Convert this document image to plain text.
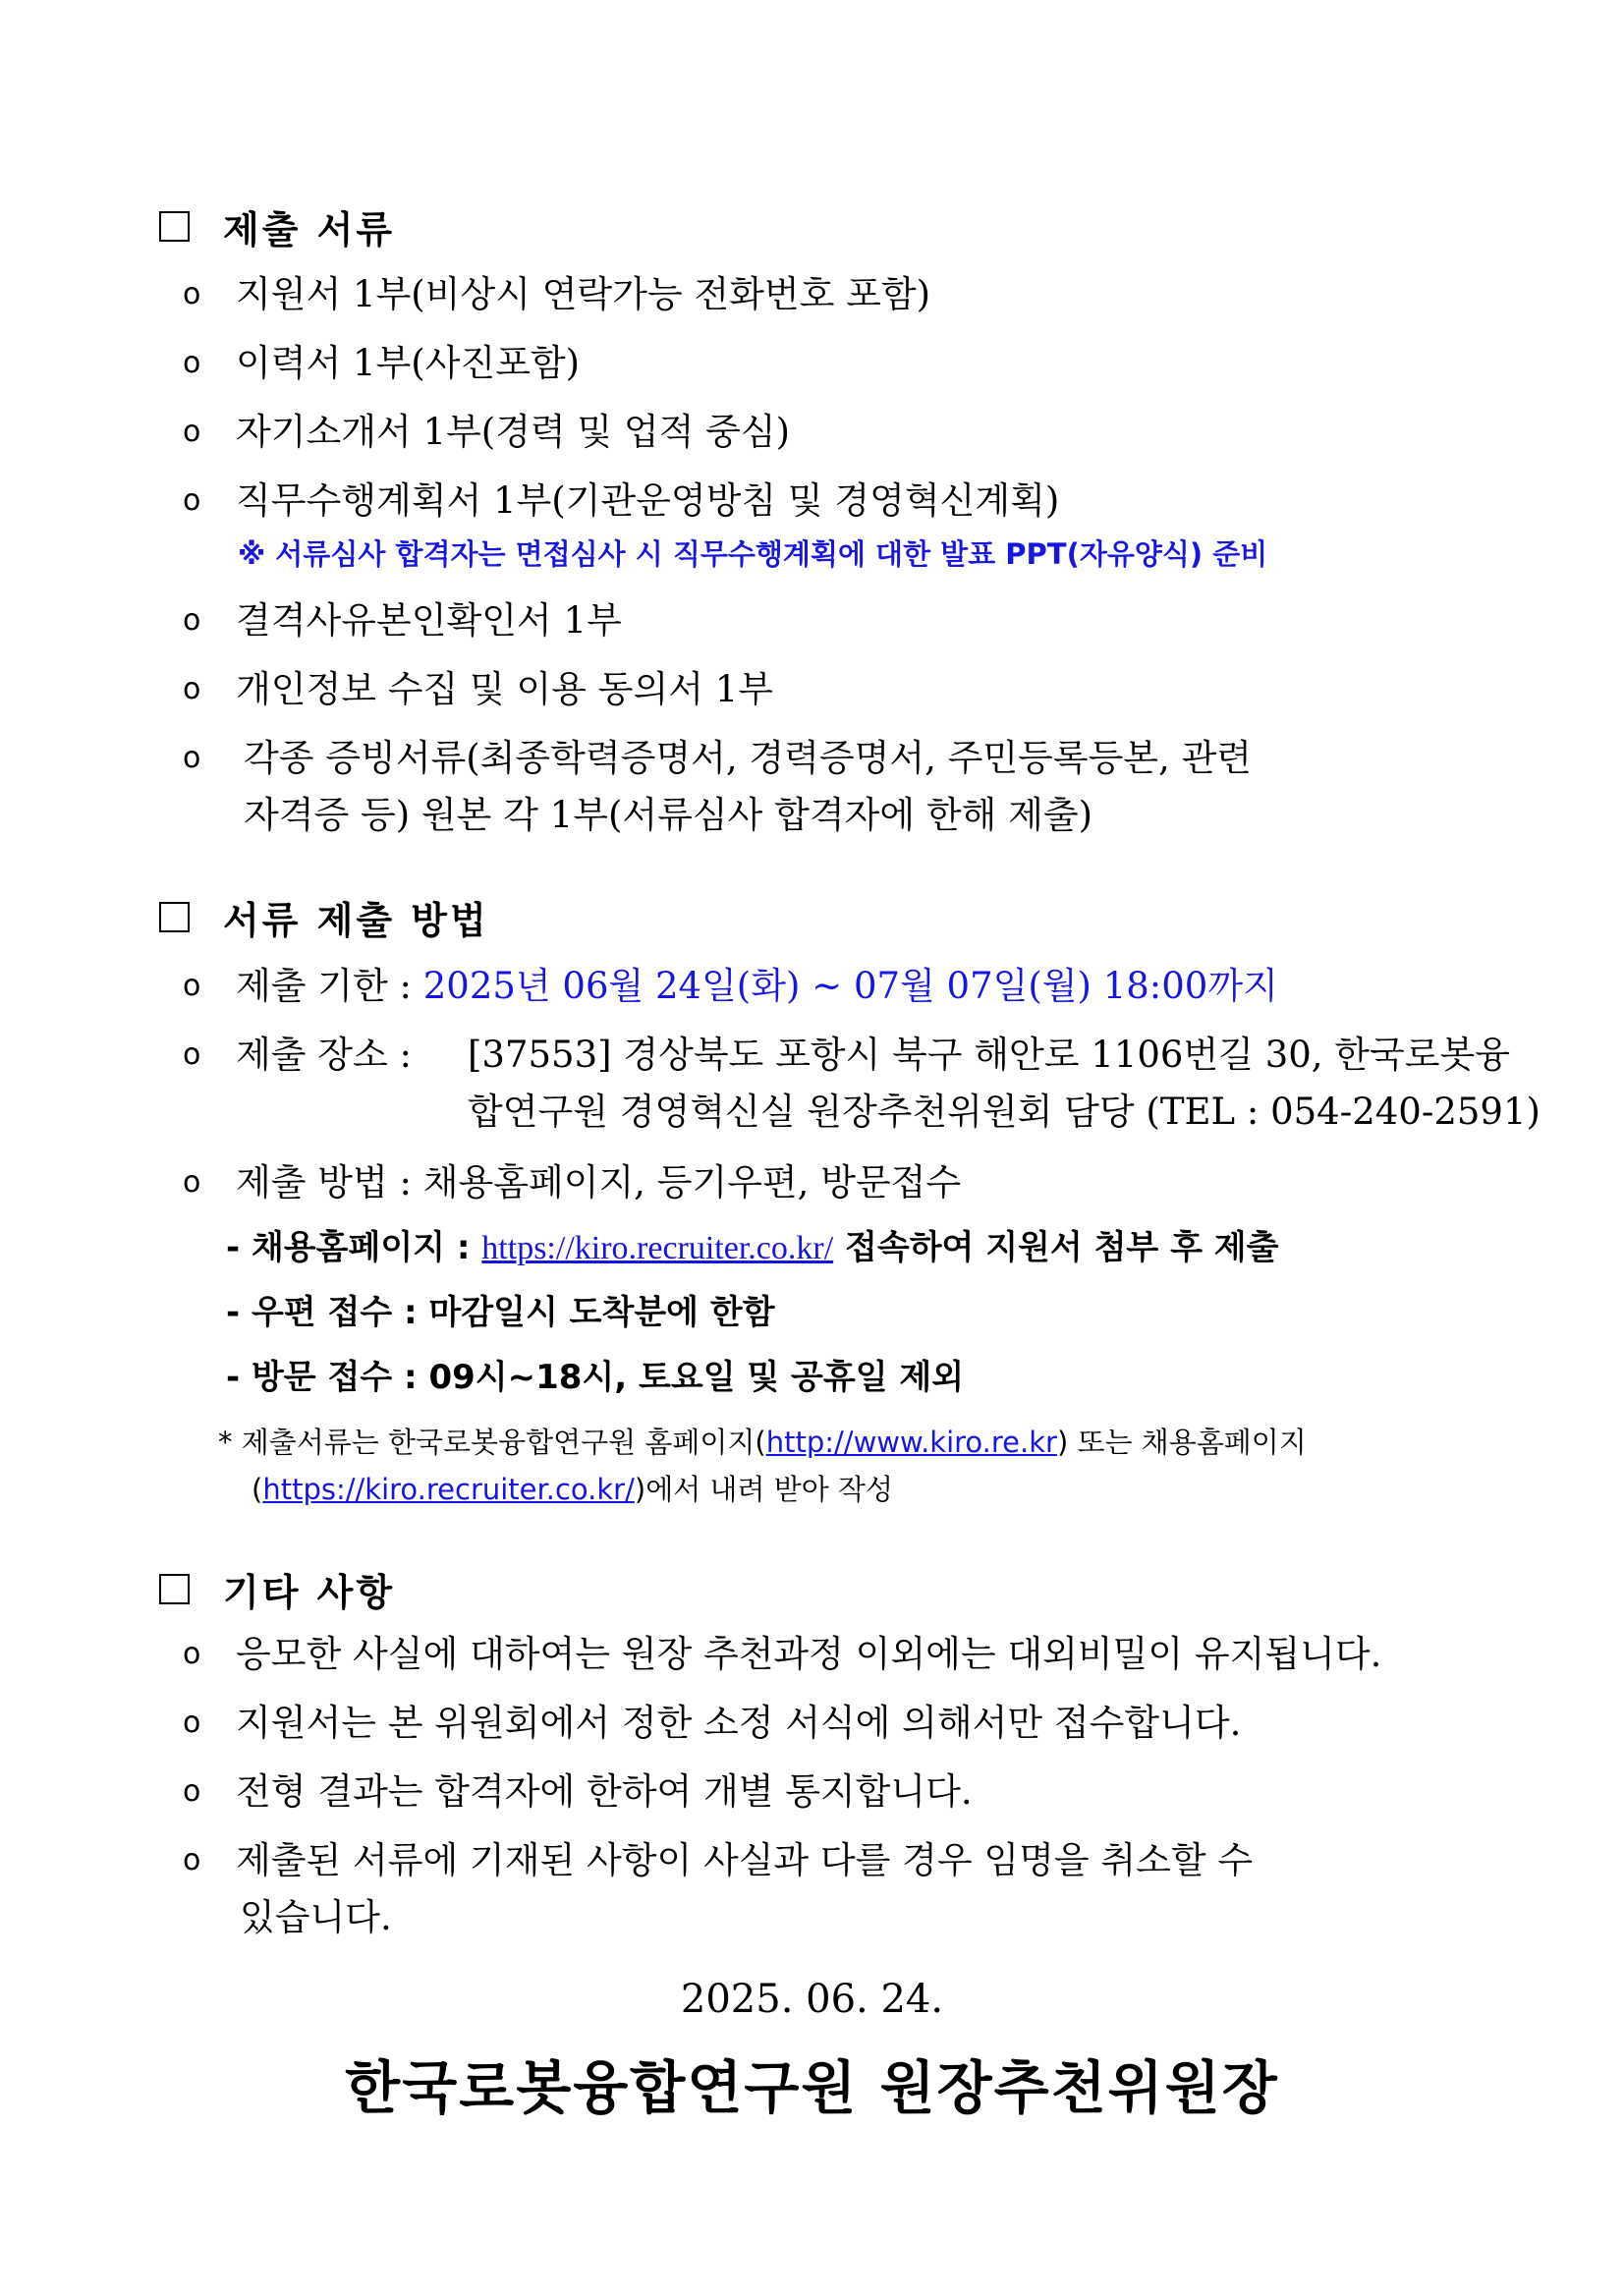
제출 서류
o 지원서 1부(비상시 연락가능 전화번호 포함)
o 이력서 1부(사진포함)
o 자기소개서 1부(경력 및 업적 중심)
o 직무수행계획서 1부(기관운영방침 및 경영혁신계획)
※ 서류심사 합격자는 면접심사 시 직무수행계획에 대한 발표 PPT(자유양식) 준비
o 결격사유본인확인서 1부
o 개인정보 수집 및 이용 동의서 1부
o 각종 증빙서류(최종학력증명서, 경력증명서, 주민등록등본, 관련
자격증 등) 원본 각 1부(서류심사 합격자에 한해 제출)
서류 제출 방법
o 제출 기한 : 2025년 06월 24일(화) ~ 07월 07일(월) 18:00까지
o 제출 장소 : [37553] 경상북도 포항시 북구 해안로 1106번길 30, 한국로봇융
합연구원 경영혁신실 원장추천위원회 담당 (TEL : 054-240-2591)
o 제출 방법 : 채용홈페이지, 등기우편, 방문접수
- 채용홈페이지 : https://kiro.recruiter.co.kr/ 접속하여 지원서 첨부 후 제출
- 우편 접수 : 마감일시 도착분에 한함
- 방문 접수 : 09시~18시, 토요일 및 공휴일 제외
* 제출서류는 한국로봇융합연구원 홈페이지(http://www.kiro.re.kr) 또는 채용홈페이지
(https://kiro.recruiter.co.kr/)에서 내려 받아 작성
기타 사항
o 응모한 사실에 대하여는 원장 추천과정 이외에는 대외비밀이 유지됩니다.
o 지원서는 본 위원회에서 정한 소정 서식에 의해서만 접수합니다.
o 전형 결과는 합격자에 한하여 개별 통지합니다.
o 제출된 서류에 기재된 사항이 사실과 다를 경우 임명을 취소할 수
있습니다.
2025. 06. 24.
한국로봇융합연구원 원장추천위원장
